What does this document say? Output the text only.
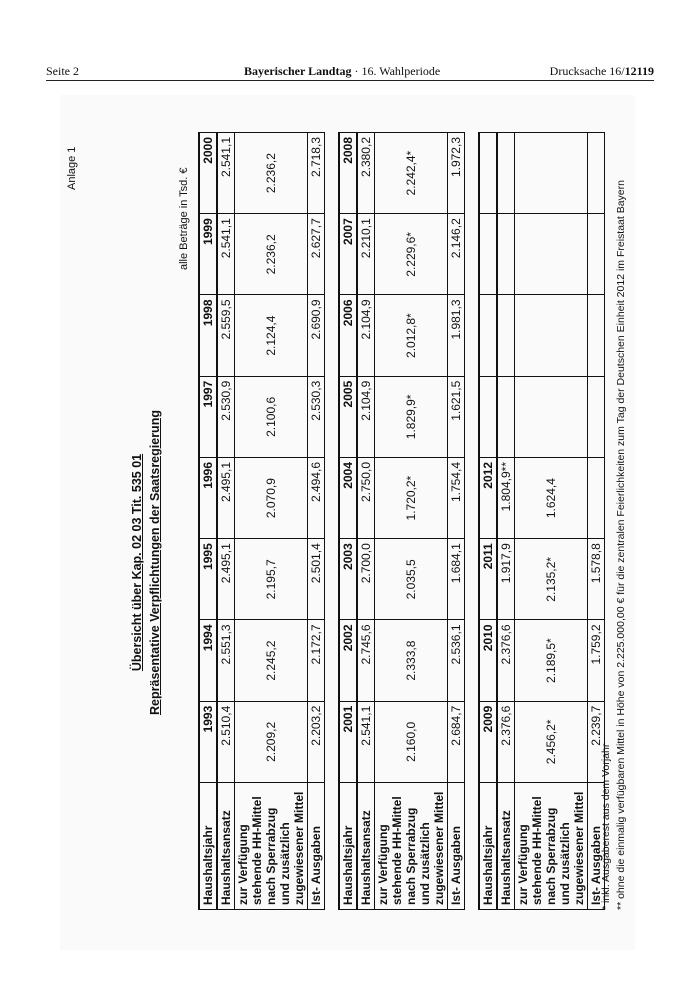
Seite 2	Bayerischer Landtag · 16. Wahlperiode	Drucksache 16/12119
Anlage 1
Übersicht über Kap. 02 03 Tit. 535 01 Repräsentative Verpflichtungen der Saatsregierung
alle Beträge in Tsd. €
Haushaltsjahr	1993	1994	1995	1996	1997	1998	1999	2000
Haushaltsansatz	2.510,4	2.551,3	2.495,1	2.495,1	2.530,9	2.559,5	2.541,1	2.541,1
zur Verfügung stehende HH-Mittel nach Sperrabzug und zusätzlich zugewiesener Mittel	2.209,2	2.245,2	2.195,7	2.070,9	2.100,6	2.124,4	2.236,2	2.236,2
Ist- Ausgaben	2.203,2	2.172,7	2.501,4	2.494,6	2.530,3	2.690,9	2.627,7	2.718,3
Haushaltsjahr	2001	2002	2003	2004	2005	2006	2007	2008
Haushaltsansatz	2.541,1	2.745,6	2.700,0	2.750,0	2.104,9	2.104,9	2.210,1	2.380,2
zur Verfügung stehende HH-Mittel nach Sperrabzug und zusätzlich zugewiesener Mittel	2.160,0	2.333,8	2.035,5	1.720,2*	1.829,9*	2.012,8*	2.229,6*	2.242,4*
Ist- Ausgaben	2.684,7	2.536,1	1.684,1	1.754,4	1.621,5	1.981,3	2.146,2	1.972,3
Haushaltsjahr	2009	2010	2011	2012				
Haushaltsansatz	2.376,6	2.376,6	1.917,9	1.804,9**				
zur Verfügung stehende HH-Mittel nach Sperrabzug und zusätzlich zugewiesener Mittel	2.456,2*	2.189,5*	2.135,2*	1.624,4				
Ist- Ausgaben	2.239,7	1.759,2	1.578,8					
* inkl. Ausgaberest aus dem Vorjahr ** ohne die einmalig verfügbaren Mittel in Höhe von 2.225.000,00 € für die zentralen Feierlichkeiten zum Tag der Deutschen Einheit 2012 im Freistaat Bayern
